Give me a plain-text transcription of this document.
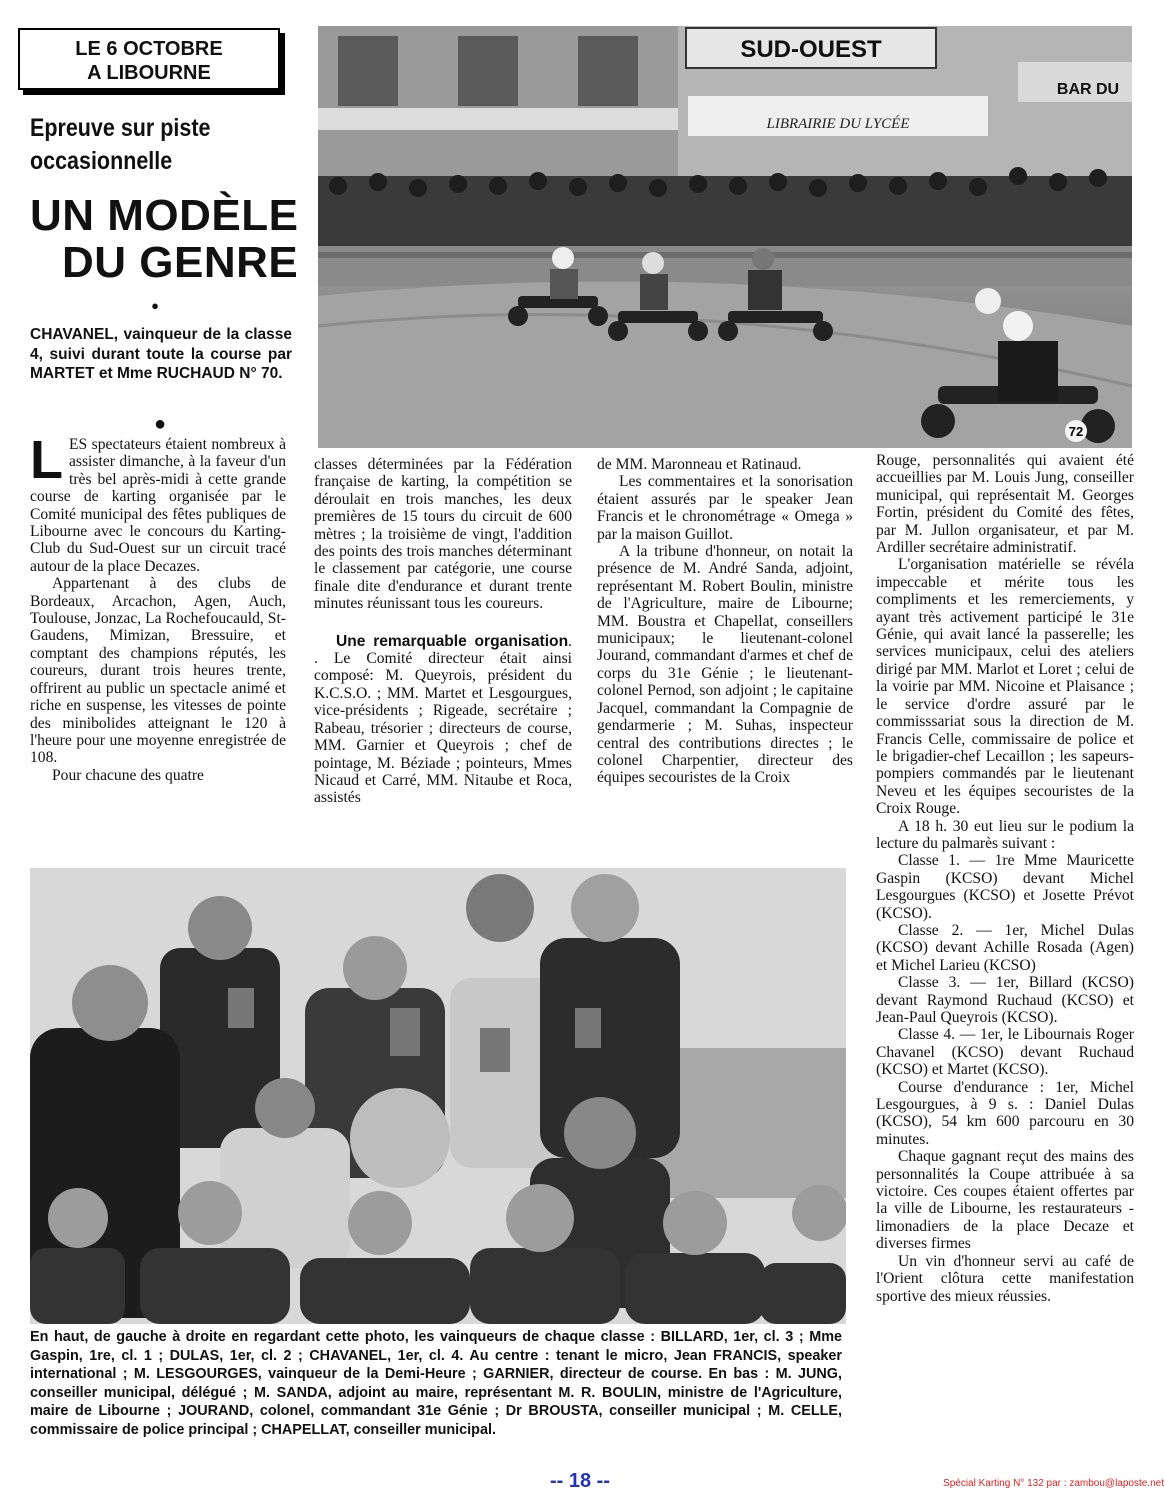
LE 6 OCTOBRE
A LIBOURNE
Epreuve sur piste
occasionnelle
UN MODÈLE
DU GENRE
●
CHAVANEL, vainqueur de la classe 4, suivi durant toute la course par MARTET et Mme RUCHAUD N° 70.
●
SUD-OUEST
BAR DU
LIBRAIRIE DU LYCÉE
72

LES spectateurs étaient nombreux à assister dimanche, à la faveur d'un très bel après-midi à cette grande course de karting organisée par le Comité municipal des fêtes publiques de Libourne avec le concours du Karting-Club du Sud-Ouest sur un circuit tracé autour de la place Decazes.

Appartenant à des clubs de Bordeaux, Arcachon, Agen, Auch, Toulouse, Jonzac, La Rochefoucauld, St-Gaudens, Mimizan, Bressuire, et comptant des champions réputés, les coureurs, durant trois heures trente, offrirent au public un spectacle animé et riche en suspense, les vitesses de pointe des minibolides atteignant le 120 à l'heure pour une moyenne enregistrée de 108.

Pour chacune des quatre

classes déterminées par la Fédération française de karting, la compétition se déroulait en trois manches, les deux premières de 15 tours du circuit de 600 mètres ; la troisième de vingt, l'addition des points des trois manches déterminant le classement par catégorie, une course finale dite d'endurance et durant trente minutes réunissant tous les coureurs.

Une remarquable organisation. . Le Comité directeur était ainsi composé: M. Queyrois, président du K.C.S.O. ; MM. Martet et Lesgourgues, vice-présidents ; Rigeade, secrétaire ; Rabeau, trésorier ; directeurs de course, MM. Garnier et Queyrois ; chef de pointage, M. Béziade ; pointeurs, Mmes Nicaud et Carré, MM. Nitaube et Roca, assistés

de MM. Maronneau et Ratinaud.

Les commentaires et la sonorisation étaient assurés par le speaker Jean Francis et le chronométrage « Omega » par la maison Guillot.

A la tribune d'honneur, on notait la présence de M. André Sanda, adjoint, représentant M. Robert Boulin, ministre de l'Agriculture, maire de Libourne; MM. Boustra et Chapellat, conseillers municipaux; le lieutenant-colonel Jourand, commandant d'armes et chef de corps du 31e Génie ; le lieutenant-colonel Pernod, son adjoint ; le capitaine Jacquel, commandant la Compagnie de gendarmerie ; M. Suhas, inspecteur central des contributions directes ; le colonel Charpentier, directeur des équipes secouristes de la Croix

Rouge, personnalités qui avaient été accueillies par M. Louis Jung, conseiller municipal, qui représentait M. Georges Fortin, président du Comité des fêtes, par M. Jullon organisateur, et par M. Ardiller secrétaire administratif.

L'organisation matérielle se révéla impeccable et mérite tous les compliments et les remerciements, y ayant très activement participé le 31e Génie, qui avait lancé la passerelle; les services municipaux, celui des ateliers dirigé par MM. Marlot et Loret ; celui de la voirie par MM. Nicoine et Plaisance ; le service d'ordre assuré par le commisssariat sous la direction de M. Francis Celle, commissaire de police et le brigadier-chef Lecaillon ; les sapeurs-pompiers commandés par le lieutenant Neveu et les équipes secouristes de la Croix Rouge.

A 18 h. 30 eut lieu sur le podium la lecture du palmarès suivant :

Classe 1. — 1re Mme Mauricette Gaspin (KCSO) devant Michel Lesgourgues (KCSO) et Josette Prévot (KCSO).

Classe 2. — 1er, Michel Dulas (KCSO) devant Achille Rosada (Agen) et Michel Larieu (KCSO)

Classe 3. — 1er, Billard (KCSO) devant Raymond Ruchaud (KCSO) et Jean-Paul Queyrois (KCSO).

Classe 4. — 1er, le Libournais Roger Chavanel (KCSO) devant Ruchaud (KCSO) et Martet (KCSO).

Course d'endurance : 1er, Michel Lesgourgues, à 9 s. : Daniel Dulas (KCSO), 54 km 600 parcouru en 30 minutes.

Chaque gagnant reçut des mains des personnalités la Coupe attribuée à sa victoire. Ces coupes étaient offertes par la ville de Libourne, les restaurateurs - limonadiers de la place Decaze et diverses firmes

Un vin d'honneur servi au café de l'Orient clôtura cette manifestation sportive des mieux réussies.

En haut, de gauche à droite en regardant cette photo, les vainqueurs de chaque classe : BILLARD, 1er, cl. 3 ; Mme Gaspin, 1re, cl. 1 ; DULAS, 1er, cl. 2 ; CHAVANEL, 1er, cl. 4. Au centre : tenant le micro, Jean FRANCIS, speaker international ; M. LESGOURGES, vainqueur de la Demi-Heure ; GARNIER, directeur de course. En bas : M. JUNG, conseiller municipal, délégué ; M. SANDA, adjoint au maire, représentant M. R. BOULIN, ministre de l'Agriculture, maire de Libourne ; JOURAND, colonel, commandant 31e Génie ; Dr BROUSTA, conseiller municipal ; M. CELLE, commissaire de police principal ; CHAPELLAT, conseiller municipal.
-- 18 --	Spécial Karting N° 132 par : zambou@laposte.net
